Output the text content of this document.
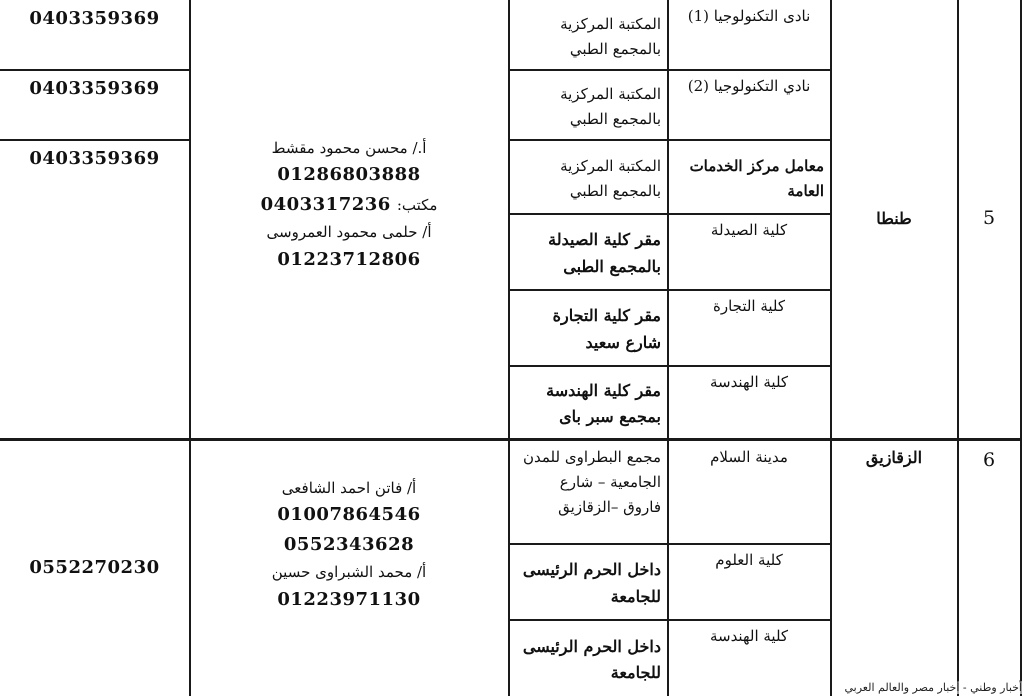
5
طنطا
نادى التكنولوجيا (1)
المكتبة المركزية
بالمجمع الطبي
0403359369
نادي التكنولوجيا (2)
المكتبة المركزية
بالمجمع الطبي
0403359369
معامل مركز الخدمات
العامة
المكتبة المركزية
بالمجمع الطبي
0403359369
كلية الصيدلة
مقر كلية الصيدلة
بالمجمع الطبى
كلية التجارة
مقر كلية التجارة
شارع سعيد
كلية الهندسة
مقر كلية الهندسة
بمجمع سبر باى
أ./ محسن محمود مقشط
01286803888
مكتب:
0403317236
أ/ حلمى محمود العمروسى
01223712806
6
الزقازيق
مدينة السلام
مجمع البطراوى للمدن
الجامعية – شارع
فاروق –الزقازيق
كلية العلوم
داخل الحرم الرئيسى
للجامعة
كلية الهندسة
داخل الحرم الرئيسى
للجامعة
أ/ فاتن احمد الشافعى
01007864546
0552343628
أ/ محمد الشبراوى حسين
01223971130
0552270230
أخبار وطني - أخبار مصر والعالم العربي
